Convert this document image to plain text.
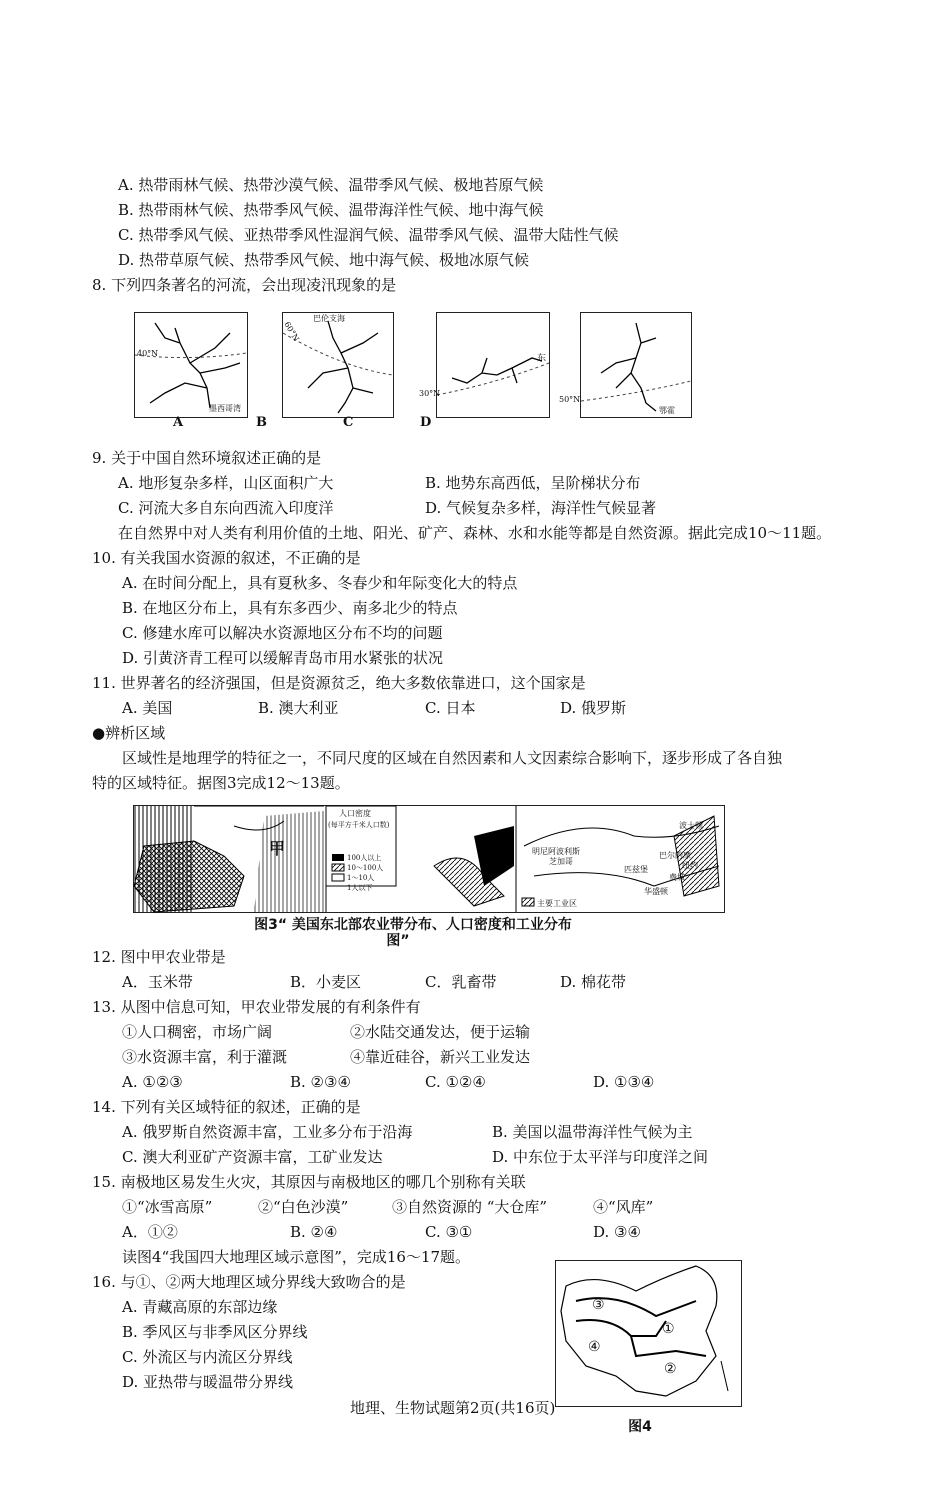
A. 热带雨林气候、热带沙漠气候、温带季风气候、极地苔原气候
B. 热带雨林气候、热带季风气候、温带海洋性气候、地中海气候
C. 热带季风气候、亚热带季风性湿润气候、温带季风气候、温带大陆性气候
D. 热带草原气候、热带季风气候、地中海气候、极地冰原气候
8. 下列四条著名的河流，会出现凌汛现象的是
40°N
墨西哥湾
60°N
巴伦支海
30°N
东
50°N
鄂霍
A	B	C	D
9. 关于中国自然环境叙述正确的是
A. 地形复杂多样，山区面积广大	B. 地势东高西低，呈阶梯状分布
C. 河流大多自东向西流入印度洋	D. 气候复杂多样，海洋性气候显著
在自然界中对人类有利用价值的土地、阳光、矿产、森林、水和水能等都是自然资源。据此完成10～11题。
10. 有关我国水资源的叙述，不正确的是
A. 在时间分配上，具有夏秋多、冬春少和年际变化大的特点
B. 在地区分布上，具有东多西少、南多北少的特点
C. 修建水库可以解决水资源地区分布不均的问题
D. 引黄济青工程可以缓解青岛市用水紧张的状况
11. 世界著名的经济强国，但是资源贫乏，绝大多数依靠进口，这个国家是
A. 美国	B. 澳大利亚	C. 日本	D. 俄罗斯
●辨析区域
区域性是地理学的特征之一，不同尺度的区域在自然因素和人文因素综合影响下，逐步形成了各自独
特的区域特征。据图3完成12～13题。
甲
人口密度
(每平方千米人口数)
100人以上
10～100人
1～10人
1人以下
波士顿
纽约
芝加哥
匹兹堡
费城
巴尔的摩
华盛顿
明尼阿波利斯
主要工业区
图3“ 美国东北部农业带分布、人口密度和工业分布
图”
12. 图中甲农业带是
A．玉米带	B．小麦区	C．乳畜带	D. 棉花带
13. 从图中信息可知，甲农业带发展的有利条件有
①人口稠密，市场广阔	②水陆交通发达，便于运输
③水资源丰富，利于灌溉	④靠近硅谷，新兴工业发达
A. ①②③	B. ②③④	C. ①②④	D. ①③④
14. 下列有关区域特征的叙述，正确的是
A. 俄罗斯自然资源丰富，工业多分布于沿海	B. 美国以温带海洋性气候为主
C. 澳大利亚矿产资源丰富，工矿业发达	D. 中东位于太平洋与印度洋之间
15. 南极地区易发生火灾，其原因与南极地区的哪几个别称有关联
①“冰雪高原”	②“白色沙漠”	③自然资源的 “大仓库”	④“风库”
A．①②	B. ②④	C. ③①	D. ③④
读图4“我国四大地理区域示意图”，完成16～17题。
16. 与①、②两大地理区域分界线大致吻合的是
A. 青藏高原的东部边缘
B. 季风区与非季风区分界线
C. 外流区与内流区分界线
D. 亚热带与暖温带分界线
③
①
④
②
图4
地理、生物试题第2页(共16页)
